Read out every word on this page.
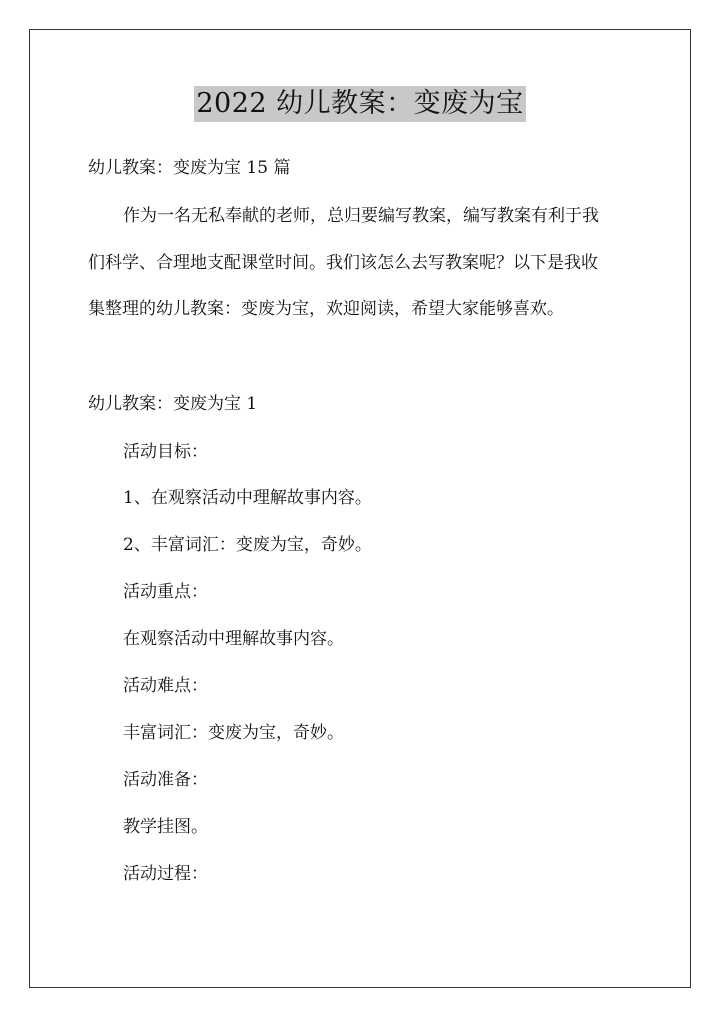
2022 幼儿教案：变废为宝
幼儿教案：变废为宝 15 篇
作为一名无私奉献的老师，总归要编写教案，编写教案有利于我
们科学、合理地支配课堂时间。我们该怎么去写教案呢？以下是我收
集整理的幼儿教案：变废为宝，欢迎阅读，希望大家能够喜欢。
幼儿教案：变废为宝 1
活动目标：
1、在观察活动中理解故事内容。
2、丰富词汇：变废为宝，奇妙。
活动重点：
在观察活动中理解故事内容。
活动难点：
丰富词汇：变废为宝，奇妙。
活动准备：
教学挂图。
活动过程：
